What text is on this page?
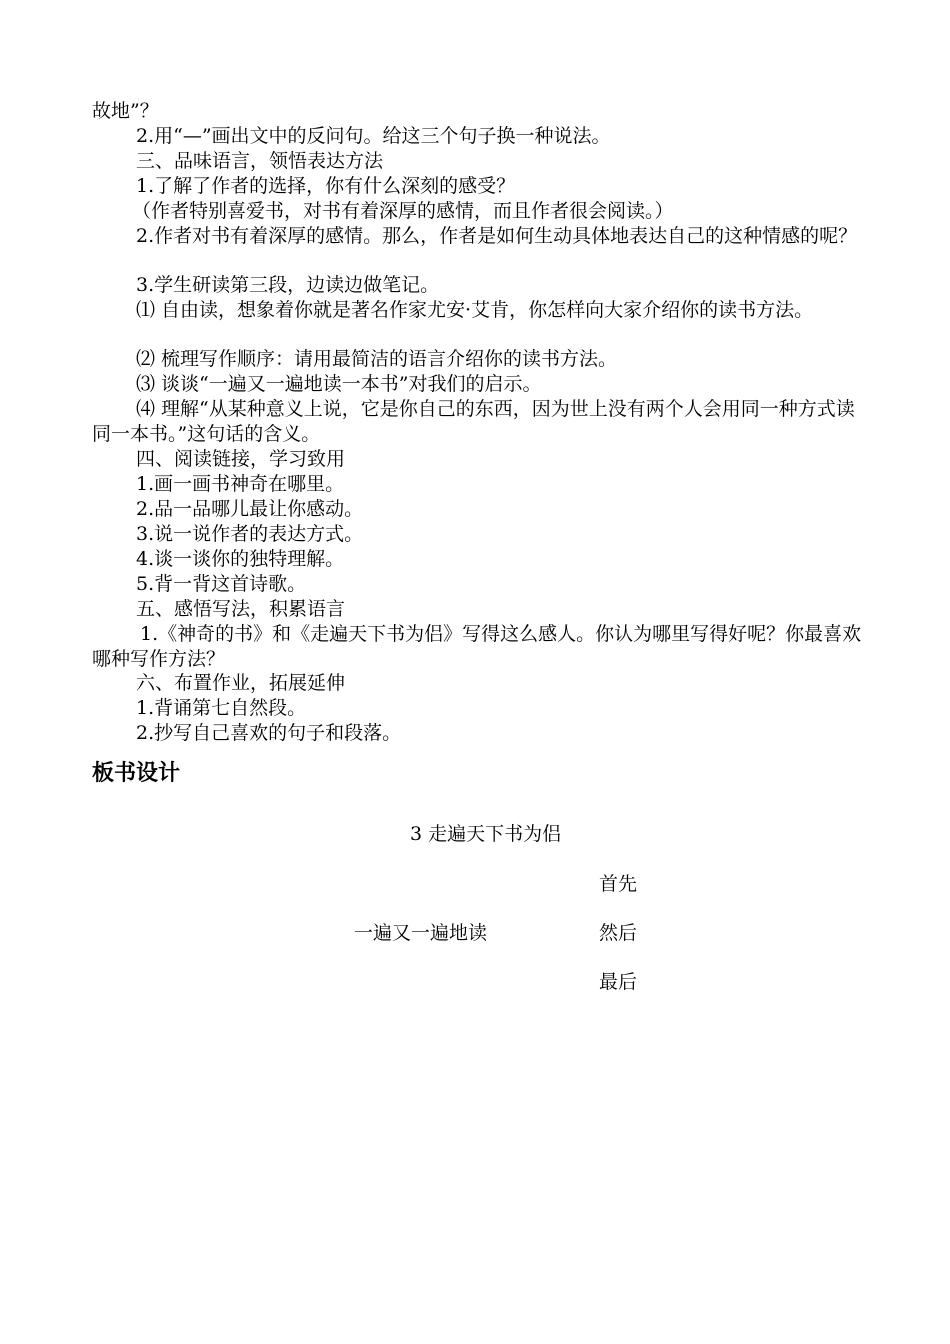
故地”？
2.用“—”画出文中的反问句。给这三个句子换一种说法。
三、品味语言，领悟表达方法
1.了解了作者的选择，你有什么深刻的感受？
（作者特别喜爱书，对书有着深厚的感情，而且作者很会阅读。）
2.作者对书有着深厚的感情。那么，作者是如何生动具体地表达自己的这种情感的呢？
3.学生研读第三段，边读边做笔记。
⑴ 自由读，想象着你就是著名作家尤安·艾肯，你怎样向大家介绍你的读书方法。
⑵ 梳理写作顺序：请用最简洁的语言介绍你的读书方法。
⑶ 谈谈“一遍又一遍地读一本书”对我们的启示。
⑷ 理解“从某种意义上说，它是你自己的东西，因为世上没有两个人会用同一种方式读同一本书。”这句话的含义。
四、阅读链接，学习致用
1.画一画书神奇在哪里。
2.品一品哪儿最让你感动。
3.说一说作者的表达方式。
4.谈一谈你的独特理解。
5.背一背这首诗歌。
五、感悟写法，积累语言
1.《神奇的书》和《走遍天下书为侣》写得这么感人。你认为哪里写得好呢？你最喜欢哪种写作方法？
六、布置作业，拓展延伸
1.背诵第七自然段。
2.抄写自己喜欢的句子和段落。
板书设计
3 走遍天下书为侣
一遍又一遍地读
首先
然后
最后
